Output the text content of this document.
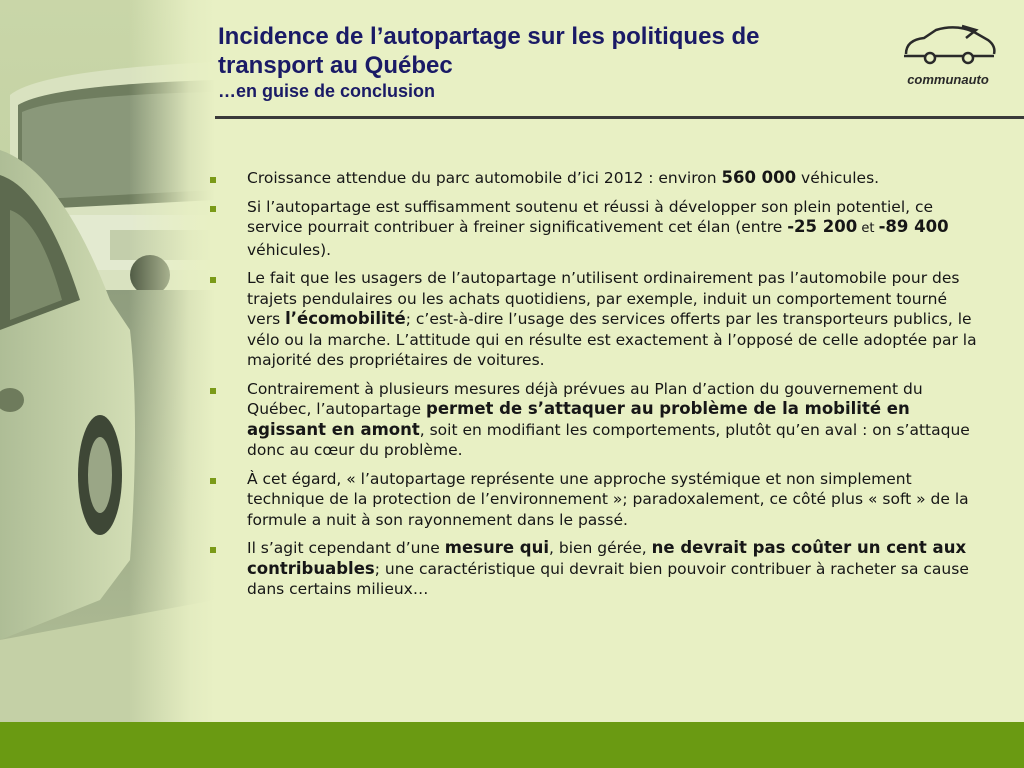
Incidence de l’autopartage sur les politiques de transport au Québec
…en guise de conclusion
communauto
Croissance attendue du parc automobile d’ici 2012 : environ 560 000 véhicules.
Si l’autopartage est suffisamment soutenu et réussi à développer son plein potentiel, ce service pourrait contribuer à freiner significativement cet élan (entre -25 200 et -89 400 véhicules).
Le fait que les usagers de l’autopartage n’utilisent ordinairement pas l’automobile pour des trajets pendulaires ou les achats quotidiens, par exemple, induit un comportement tourné vers l’écomobilité; c’est-à-dire l’usage des services offerts par les transporteurs publics, le vélo ou la marche. L’attitude qui en résulte est exactement à l’opposé de celle adoptée par la majorité des propriétaires de voitures.
Contrairement à plusieurs mesures déjà prévues au Plan d’action du gouvernement du Québec, l’autopartage permet de s’attaquer au problème de la mobilité en agissant en amont, soit en modifiant les comportements, plutôt qu’en aval : on s’attaque donc au cœur du problème.
À cet égard, « l’autopartage représente une approche systémique et non simplement technique de la protection de l’environnement »; paradoxalement, ce côté plus « soft » de la formule a nuit à son rayonnement dans le passé.
Il s’agit cependant d’une mesure qui, bien gérée, ne devrait pas coûter un cent aux contribuables; une caractéristique qui devrait bien pouvoir contribuer à racheter sa cause dans certains milieux…
